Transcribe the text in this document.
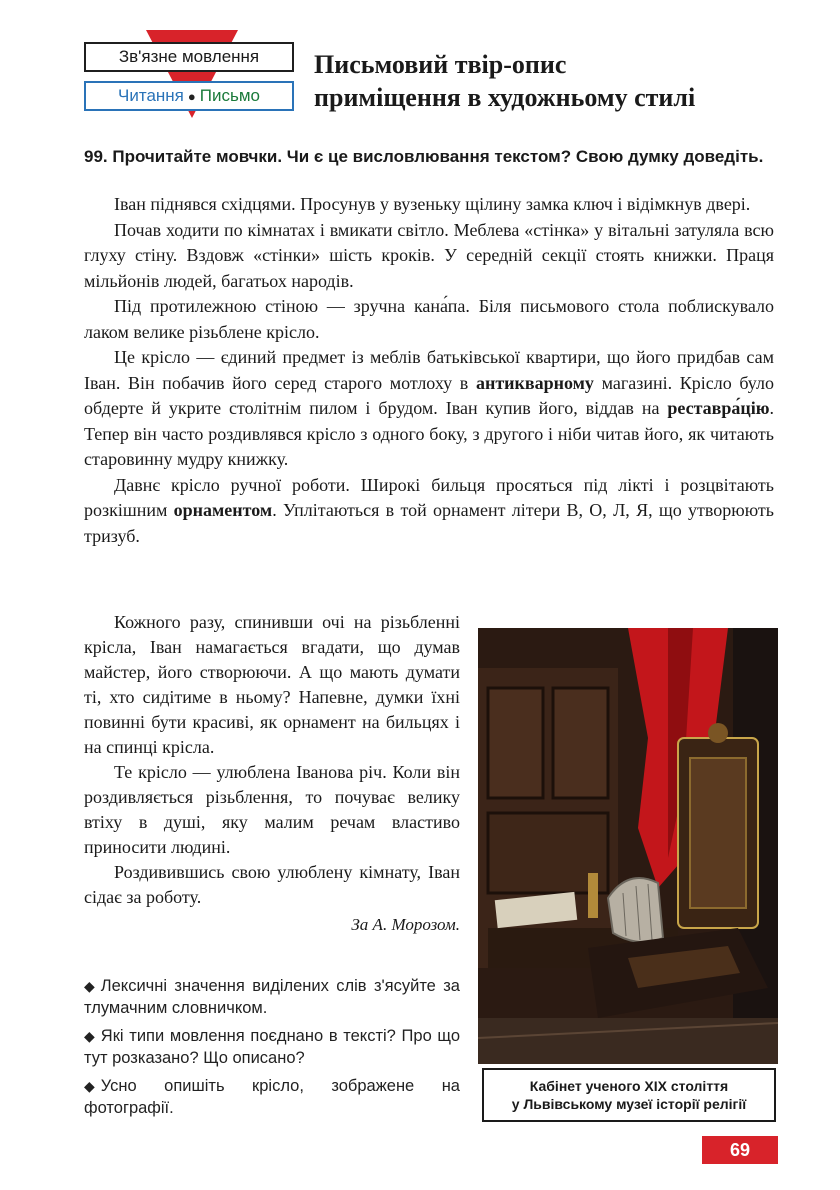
Зв'язне мовлення
Читання ● Письмо
Письмовий твір-опис
приміщення в художньому стилі
99. Прочитайте мовчки. Чи є це висловлювання текстом? Свою думку доведіть.

Іван піднявся східцями. Просунув у вузеньку щілину замка ключ і відімкнув двері.

Почав ходити по кімнатах і вмикати світло. Меблева «стінка» у вітальні затуляла всю глуху стіну. Вздовж «стінки» шість кроків. У середній секції стоять книжки. Праця мільйонів людей, багатьох народів.

Під протилежною стіною — зручна кана́па. Біля письмового стола поблискувало лаком велике різьблене крісло.

Це крісло — єдиний предмет із меблів батьківської квартири, що його придбав сам Іван. Він побачив його серед старого мотлоху в антикварному магазині. Крісло було обдерте й укрите столітнім пилом і брудом. Іван купив його, віддав на реставра́цію. Тепер він часто роздивлявся крісло з одного боку, з другого і ніби читав його, як читають старовинну мудру книжку.

Давнє крісло ручної роботи. Широкі бильця просяться під лікті і розцвітають розкішним орнаментом. Уплітаються в той орнамент літери В, О, Л, Я, що утворюють тризуб.

Кожного разу, спинивши очі на різьбленні крісла, Іван намагається вгадати, що думав майстер, його створюючи. А що мають думати ті, хто сидітиме в ньому? Напевне, думки їхні повинні бути красиві, як орнамент на бильцях і на спинці крісла.

Те крісло — улюблена Іванова річ. Коли він роздивляється різьблення, то почуває велику втіху в душі, яку малим речам властиво приносити людині.

Роздивившись свою улюблену кімнату, Іван сідає за роботу.

За А. Морозом.

◆ Лексичні значення виділених слів з'ясуйте за тлумачним словничком.

◆ Які типи мовлення поєднано в тексті? Про що тут розказано? Що описано?

◆ Усно опишіть крісло, зображене на фотографії.

Кабінет ученого XIX століття
у Львівському музеї історії релігії
69
